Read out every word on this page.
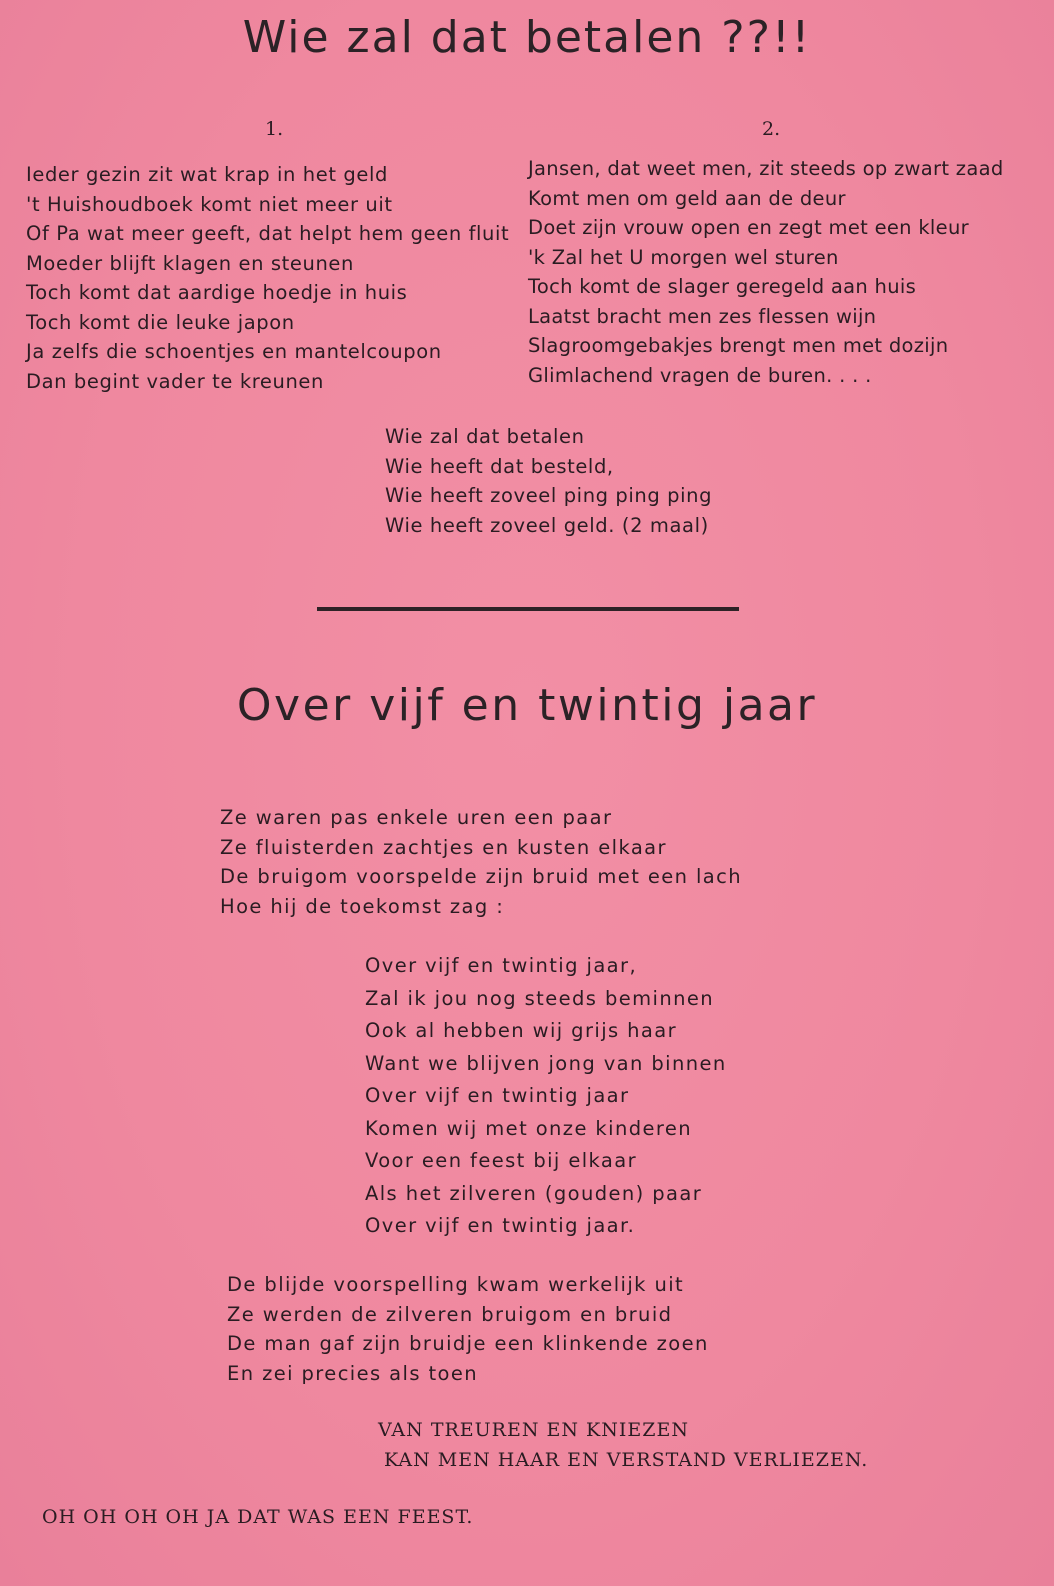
Wie zal dat betalen ??!!
1.	2.
Ieder gezin zit wat krap in het geld
't Huishoudboek komt niet meer uit
Of Pa wat meer geeft, dat helpt hem geen fluit
Moeder blijft klagen en steunen
Toch komt dat aardige hoedje in huis
Toch komt die leuke japon
Ja zelfs die schoentjes en mantelcoupon
Dan begint vader te kreunen
Jansen, dat weet men, zit steeds op zwart zaad
Komt men om geld aan de deur
Doet zijn vrouw open en zegt met een kleur
'k Zal het U morgen wel sturen
Toch komt de slager geregeld aan huis
Laatst bracht men zes flessen wijn
Slagroomgebakjes brengt men met dozijn
Glimlachend vragen de buren. . . .
Wie zal dat betalen
Wie heeft dat besteld,
Wie heeft zoveel ping ping ping
Wie heeft zoveel geld. (2 maal)
Over vijf en twintig jaar
Ze waren pas enkele uren een paar
Ze fluisterden zachtjes en kusten elkaar
De bruigom voorspelde zijn bruid met een lach
Hoe hij de toekomst zag :
Over vijf en twintig jaar,
Zal ik jou nog steeds beminnen
Ook al hebben wij grijs haar
Want we blijven jong van binnen
Over vijf en twintig jaar
Komen wij met onze kinderen
Voor een feest bij elkaar
Als het zilveren (gouden) paar
Over vijf en twintig jaar.
De blijde voorspelling kwam werkelijk uit
Ze werden de zilveren bruigom en bruid
De man gaf zijn bruidje een klinkende zoen
En zei precies als toen
VAN TREUREN EN KNIEZEN
KAN MEN HAAR EN VERSTAND VERLIEZEN.
OH OH OH OH JA DAT WAS EEN FEEST.
